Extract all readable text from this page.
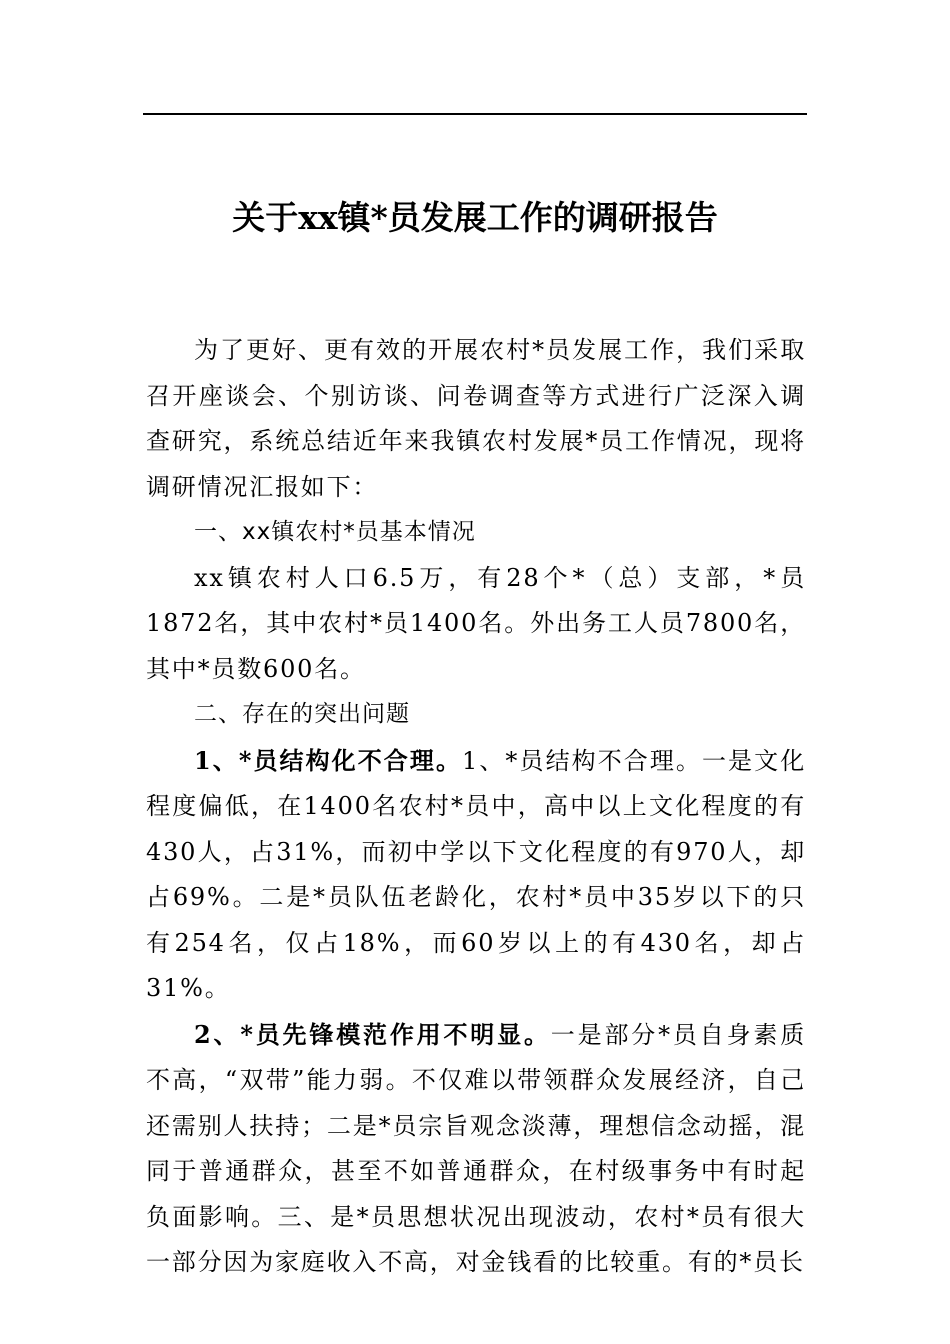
关于xx镇*员发展工作的调研报告

为了更好、更有效的开展农村*员发展工作，我们采取召开座谈会、个别访谈、问卷调查等方式进行广泛深入调查研究，系统总结近年来我镇农村发展*员工作情况，现将调研情况汇报如下：

一、xx镇农村*员基本情况

xx镇农村人口6.5万，有28个*（总）支部，*员1872名，其中农村*员1400名。外出务工人员7800名，其中*员数600名。

二、存在的突出问题

1、*员结构化不合理。1、*员结构不合理。一是文化程度偏低，在1400名农村*员中，高中以上文化程度的有430人，占31%，而初中学以下文化程度的有970人，却占69%。二是*员队伍老龄化，农村*员中35岁以下的只有254名，仅占18%，而60岁以上的有430名，却占31%。

2、*员先锋模范作用不明显。一是部分*员自身素质不高，“双带”能力弱。不仅难以带领群众发展经济，自己还需别人扶持；二是*员宗旨观念淡薄，理想信念动摇，混同于普通群众，甚至不如普通群众，在村级事务中有时起负面影响。三、是*员思想状况出现波动，农村*员有很大一部分因为家庭收入不高，对金钱看的比较重。有的*员长
